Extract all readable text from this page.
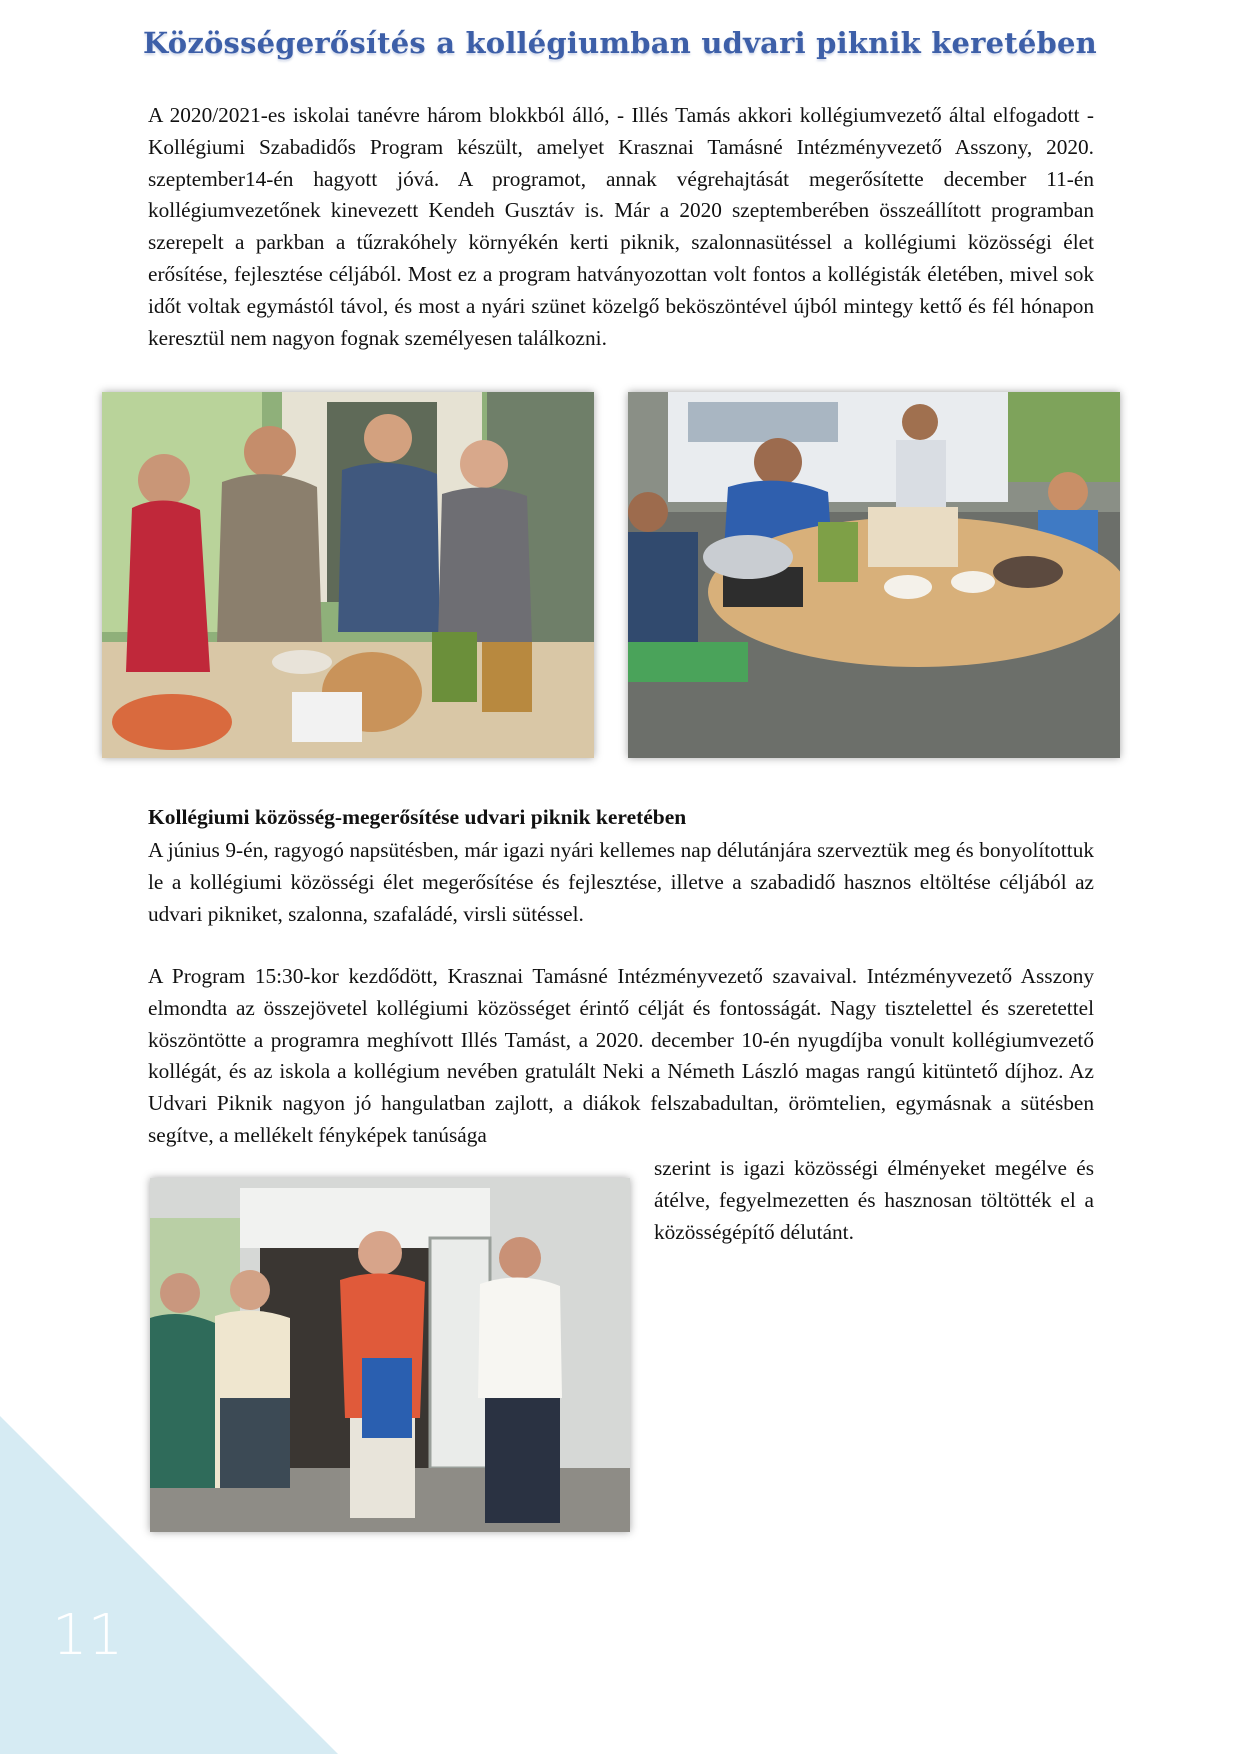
Közösségerősítés a kollégiumban udvari piknik keretében

A 2020/2021-es iskolai tanévre három blokkból álló, - Illés Tamás akkori kollégiumvezető által elfogadott - Kollégiumi Szabadidős Program készült, amelyet Krasznai Tamásné Intézményvezető Asszony, 2020. szeptember14-én hagyott jóvá. A programot, annak végrehajtását megerősítette december 11-én kollégiumvezetőnek kinevezett Kendeh Gusztáv is. Már a 2020 szeptemberében összeállított programban szerepelt a parkban a tűzrakóhely környékén kerti piknik, szalonnasütéssel a kollégiumi közösségi élet erősítése, fejlesztése céljából. Most ez a program hatványozottan volt fontos a kollégisták életében, mivel sok időt voltak egymástól távol, és most a nyári szünet közelgő beköszöntével újból mintegy kettő és fél hónapon keresztül nem nagyon fognak személyesen találkozni.

Kollégiumi közösség-megerősítése udvari piknik keretében

A június 9-én, ragyogó napsütésben, már igazi nyári kellemes nap délutánjára szerveztük meg és bonyolítottuk le a kollégiumi közösségi élet megerősítése és fejlesztése, illetve a szabadidő hasznos eltöltése céljából az udvari pikniket, szalonna, szafaládé, virsli sütéssel.

A Program 15:30-kor kezdődött, Krasznai Tamásné Intézményvezető szavaival. Intézményvezető Asszony elmondta az összejövetel kollégiumi közösséget érintő célját és fontosságát. Nagy tisztelettel és szeretettel köszöntötte a programra meghívott Illés Tamást, a 2020. december 10-én nyugdíjba vonult kollégiumvezető kollégát, és az iskola a kollégium nevében gratulált Neki a Németh László magas rangú kitüntető díjhoz. Az Udvari Piknik nagyon jó hangulatban zajlott, a diákok felszabadultan, örömtelien, egymásnak a sütésben segítve, a mellékelt fényképek tanúsága

szerint is igazi közösségi élményeket megélve és átélve, fegyelmezetten és hasznosan töltötték el a közösségépítő délutánt.

11
